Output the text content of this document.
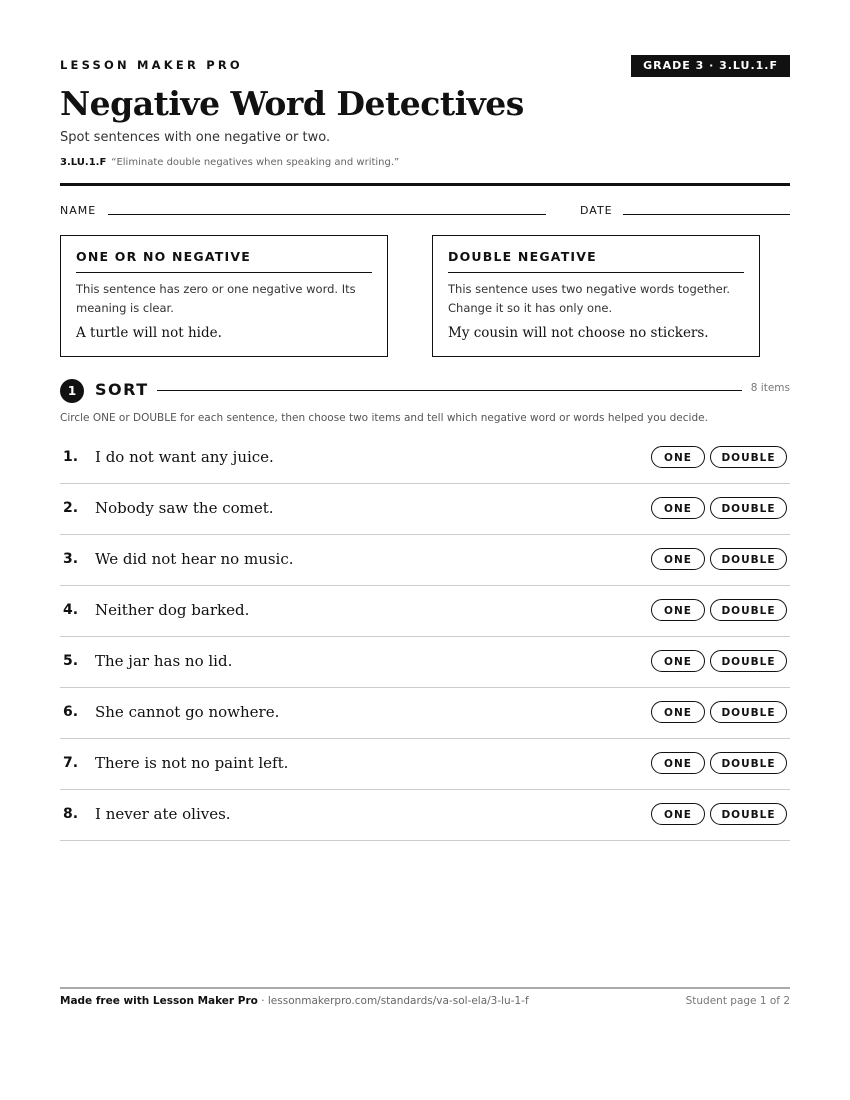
LESSON MAKER PRO	GRADE 3 · 3.LU.1.F
Negative Word Detectives
Spot sentences with one negative or two.
3.LU.1.F “Eliminate double negatives when speaking and writing.”
NAME	DATE
ONE OR NO NEGATIVE
This sentence has zero or one negative word. Its meaning is clear.
A turtle will not hide.
DOUBLE NEGATIVE
This sentence uses two negative words together. Change it so it has only one.
My cousin will not choose no stickers.
1	SORT	8 items
Circle ONE or DOUBLE for each sentence, then choose two items and tell which negative word or words helped you decide.
1. I do not want any juice.	ONE	DOUBLE
2. Nobody saw the comet.	ONE	DOUBLE
3. We did not hear no music.	ONE	DOUBLE
4. Neither dog barked.	ONE	DOUBLE
5. The jar has no lid.	ONE	DOUBLE
6. She cannot go nowhere.	ONE	DOUBLE
7. There is not no paint left.	ONE	DOUBLE
8. I never ate olives.	ONE	DOUBLE
Made free with Lesson Maker Pro · lessonmakerpro.com/standards/va-sol-ela/3-lu-1-f	Student page 1 of 2
